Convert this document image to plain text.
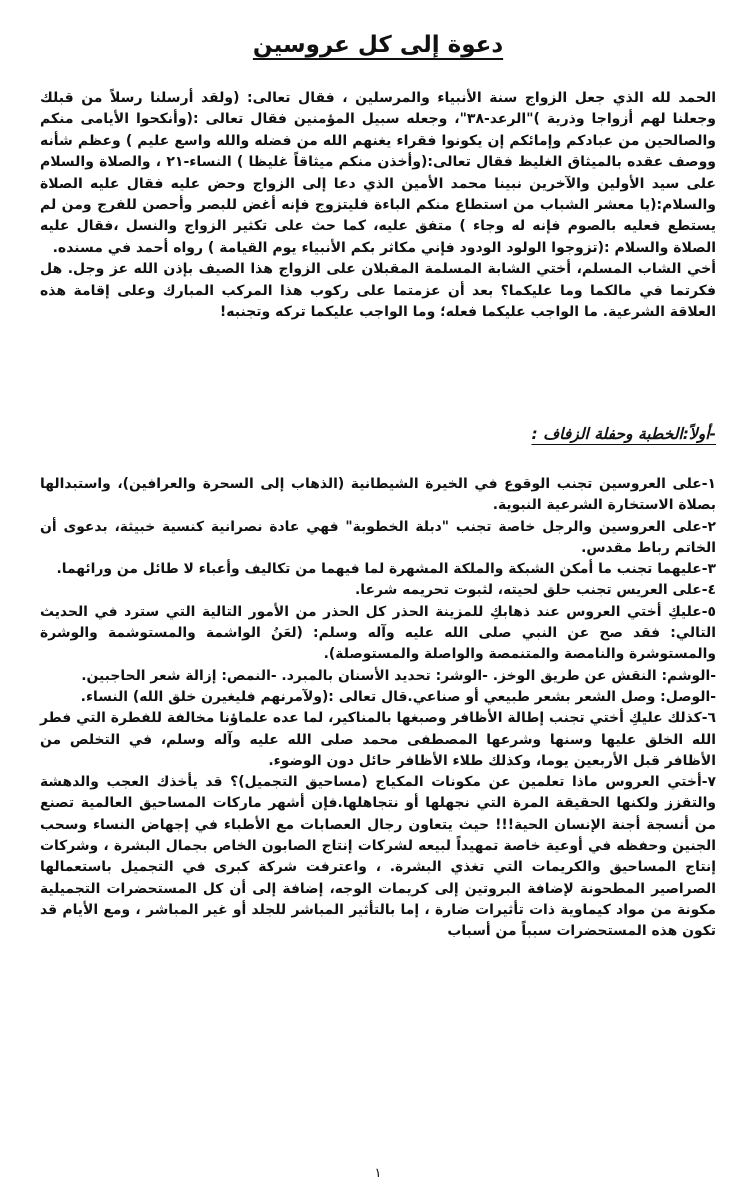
دعوة إلى كل عروسين

الحمد لله الذي جعل الزواج سنة الأنبياء والمرسلين ، فقال تعالى: (ولقد أرسلنا رسلاً من قبلك وجعلنا لهم أزواجا وذرية )"الرعد-٣٨"، وجعله سبيل المؤمنين فقال تعالى :(وأنكحوا الأيامى منكم والصالحين من عبادكم وإمائكم إن يكونوا فقراء يغنهم الله من فضله والله واسع عليم ) وعظم شأنه ووصف عقده بالميثاق الغليظ فقال تعالى:(وأخذن منكم ميثاقاً غليظا ) النساء-٢١ ، والصلاة والسلام على سيد الأولين والآخرين نبينا محمد الأمين الذي دعا إلى الزواج وحض عليه فقال عليه الصلاة والسلام:(يا معشر الشباب من استطاع منكم الباءة فليتزوج فإنه أغض للبصر وأحصن للفرج ومن لم يستطع فعليه بالصوم فإنه له وجاء ) متفق عليه، كما حث على تكثير الزواج والنسل ،فقال عليه الصلاة والسلام :(تزوجوا الولود الودود فإني مكاثر بكم الأنبياء يوم القيامة ) رواه أحمد في مسنده.

أخي الشاب المسلم، أختي الشابة المسلمة المقبلان على الزواج هذا الصيف بإذن الله عز وجل. هل فكرتما في مالكما وما عليكما؟ بعد أن عزمتما على ركوب هذا المركب المبارك وعلى إقامة هذه العلاقة الشرعية. ما الواجب عليكما فعله؛ وما الواجب عليكما تركه وتجنبه!

-أولاً:الخطبة وحفلة الزفاف :

١-على العروسين تجنب الوقوع في الخيرة الشيطانية (الذهاب إلى السحرة والعرافين)، واستبدالها بصلاة الاستخارة الشرعية النبوية.

٢-على العروسين والرجل خاصة تجنب "دبلة الخطوبة" فهي عادة نصرانية كنسية خبيثة، بدعوى أن الخاتم رباط مقدس.

٣-عليهما تجنب ما أمكن الشبكة والملكة المشهرة لما فيهما من تكاليف وأعباء لا طائل من ورائهما.

٤-على العريس تجنب حلق لحيته، لثبوت تحريمه شرعا.

٥-عليكِ أختي العروس عند ذهابكِ للمزينة الحذر كل الحذر من الأمور التالية التي سترد في الحديث التالي: فقد صح عن النبي صلى الله عليه وآله وسلم: (لعَنُ الواشمة والمستوشمة والوشرة والمستوشرة والنامصة والمتنمصة والواصلة والمستوصلة).

-الوشم: النقش عن طريق الوخز. -الوشر: تحديد الأسنان بالمبرد. -النمص: إزالة شعر الحاجبين.

-الوصل: وصل الشعر بشعر طبيعي أو صناعي.قال تعالى :(ولآمرنهم فليغيرن خلق الله) النساء.

٦-كذلك عليكِ أختي تجنب إطالة الأظافر وصبغها بالمناكير، لما عده علماؤنا مخالفة للفطرة التي فطر الله الخلق عليها وسنها وشرعها المصطفى محمد صلى الله عليه وآله وسلم، في التخلص من الأظافر قبل الأربعين يوما، وكذلك طلاء الأظافر حائل دون الوضوء.

٧-أختي العروس ماذا تعلمين عن مكونات المكياج (مساحيق التجميل)؟ قد يأخذك العجب والدهشة والتقزز ولكنها الحقيقة المرة التي نجهلها أو نتجاهلها.فإن أشهر ماركات المساحيق العالمية تصنع من أنسجة أجنة الإنسان الحية!!! حيث يتعاون رجال العصابات مع الأطباء في إجهاض النساء وسحب الجنين وحفظه في أوعية خاصة تمهيداً لبيعه لشركات إنتاج الصابون الخاص بجمال البشرة ، وشركات إنتاج المساحيق والكريمات التي تغذي البشرة. ، واعترفت شركة كبرى في التجميل باستعمالها الصراصير المطحونة لإضافة البروتين إلى كريمات الوجه، إضافة إلى أن كل المستحضرات التجميلية مكونة من مواد كيماوية ذات تأثيرات ضارة ، إما بالتأثير المباشر للجلد أو غير المباشر ، ومع الأيام قد تكون هذه المستحضرات سبباً من أسباب

١
